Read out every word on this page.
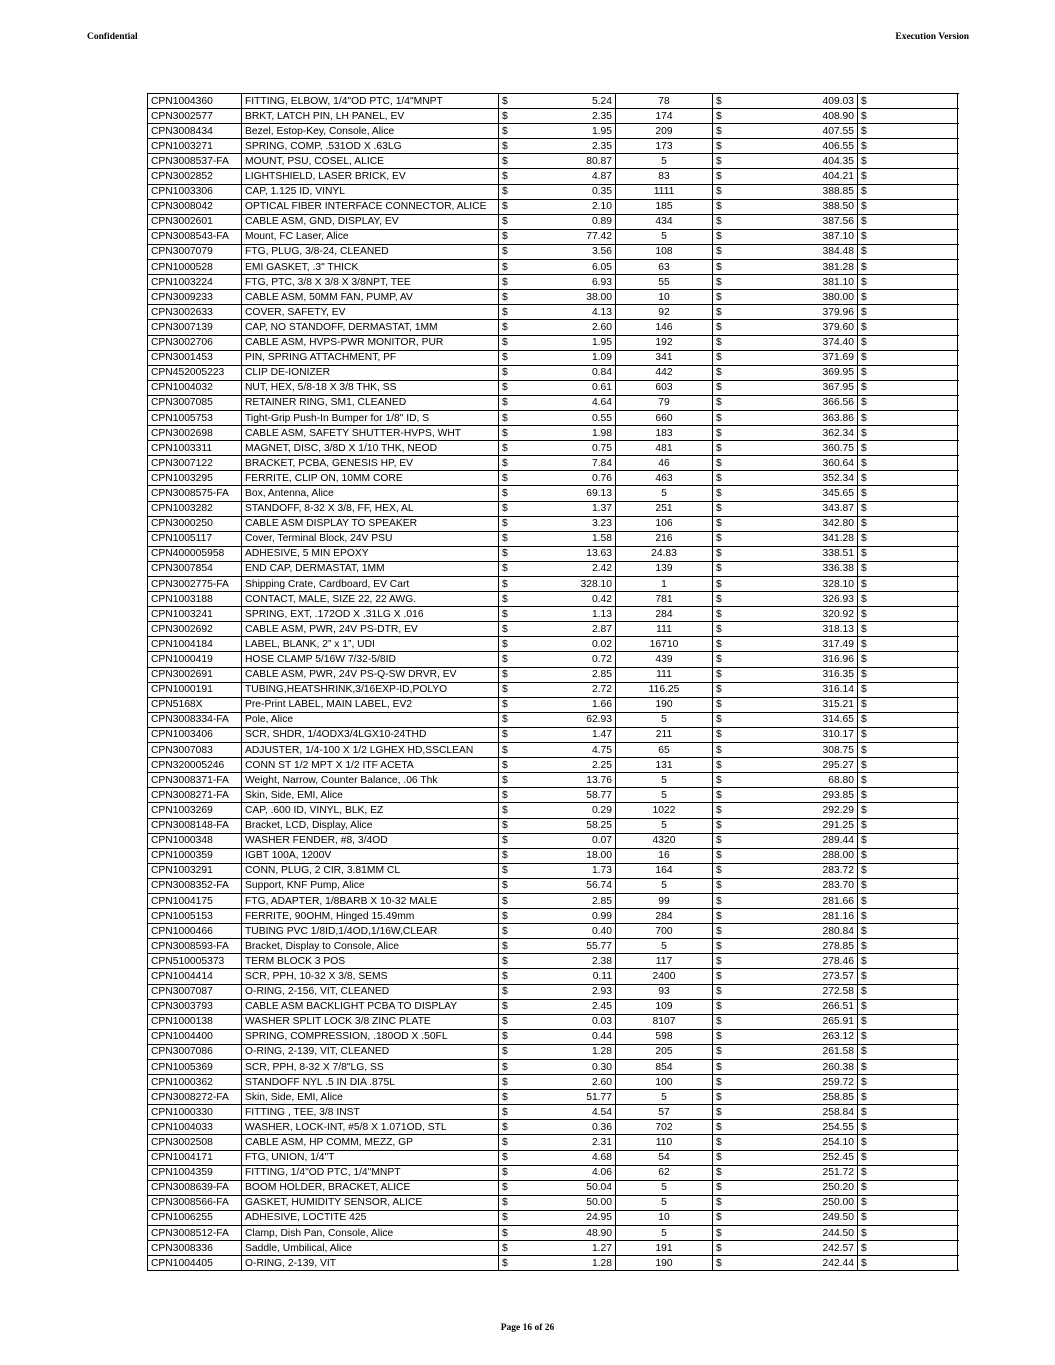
Confidential	Execution Version
CPN1004360	FITTING, ELBOW, 1/4"OD PTC, 1/4"MNPT	$	5.24	78	$	409.03	$	
CPN3002577	BRKT, LATCH PIN, LH PANEL, EV	$	2.35	174	$	408.90	$	
CPN3008434	Bezel, Estop-Key, Console, Alice	$	1.95	209	$	407.55	$	
CPN1003271	SPRING, COMP, .531OD X .63LG	$	2.35	173	$	406.55	$	
CPN3008537-FA	MOUNT, PSU, COSEL, ALICE	$	80.87	5	$	404.35	$	
CPN3002852	LIGHTSHIELD, LASER BRICK, EV	$	4.87	83	$	404.21	$	
CPN1003306	CAP, 1.125 ID, VINYL	$	0.35	1111	$	388.85	$	
CPN3008042	OPTICAL FIBER INTERFACE CONNECTOR, ALICE	$	2.10	185	$	388.50	$	
CPN3002601	CABLE ASM, GND, DISPLAY, EV	$	0.89	434	$	387.56	$	
CPN3008543-FA	Mount, FC Laser, Alice	$	77.42	5	$	387.10	$	
CPN3007079	FTG, PLUG, 3/8-24, CLEANED	$	3.56	108	$	384.48	$	
CPN1000528	EMI GASKET, .3" THICK	$	6.05	63	$	381.28	$	
CPN1003224	FTG, PTC, 3/8 X 3/8 X 3/8NPT, TEE	$	6.93	55	$	381.10	$	
CPN3009233	CABLE ASM, 50MM FAN, PUMP, AV	$	38.00	10	$	380.00	$	
CPN3002633	COVER, SAFETY, EV	$	4.13	92	$	379.96	$	
CPN3007139	CAP, NO STANDOFF, DERMASTAT, 1MM	$	2.60	146	$	379.60	$	
CPN3002706	CABLE ASM, HVPS-PWR MONITOR, PUR	$	1.95	192	$	374.40	$	
CPN3001453	PIN, SPRING ATTACHMENT, PF	$	1.09	341	$	371.69	$	
CPN452005223	CLIP DE-IONIZER	$	0.84	442	$	369.95	$	
CPN1004032	NUT, HEX, 5/8-18 X 3/8 THK, SS	$	0.61	603	$	367.95	$	
CPN3007085	RETAINER RING, SM1, CLEANED	$	4.64	79	$	366.56	$	
CPN1005753	Tight-Grip Push-In Bumper for 1/8" ID, S	$	0.55	660	$	363.86	$	
CPN3002698	CABLE ASM, SAFETY SHUTTER-HVPS, WHT	$	1.98	183	$	362.34	$	
CPN1003311	MAGNET, DISC, 3/8D X 1/10 THK, NEOD	$	0.75	481	$	360.75	$	
CPN3007122	BRACKET, PCBA, GENESIS HP, EV	$	7.84	46	$	360.64	$	
CPN1003295	FERRITE, CLIP ON, 10MM CORE	$	0.76	463	$	352.34	$	
CPN3008575-FA	Box, Antenna, Alice	$	69.13	5	$	345.65	$	
CPN1003282	STANDOFF, 8-32 X 3/8, FF, HEX, AL	$	1.37	251	$	343.87	$	
CPN3000250	CABLE ASM DISPLAY TO SPEAKER	$	3.23	106	$	342.80	$	
CPN1005117	Cover, Terminal Block, 24V PSU	$	1.58	216	$	341.28	$	
CPN400005958	ADHESIVE, 5 MIN EPOXY	$	13.63	24.83	$	338.51	$	
CPN3007854	END CAP, DERMASTAT, 1MM	$	2.42	139	$	336.38	$	
CPN3002775-FA	Shipping Crate, Cardboard, EV Cart	$	328.10	1	$	328.10	$	
CPN1003188	CONTACT, MALE, SIZE 22, 22 AWG.	$	0.42	781	$	326.93	$	
CPN1003241	SPRING, EXT, .172OD X .31LG X .016	$	1.13	284	$	320.92	$	
CPN3002692	CABLE ASM, PWR, 24V PS-DTR, EV	$	2.87	111	$	318.13	$	
CPN1004184	LABEL, BLANK, 2” x 1”, UDI	$	0.02	16710	$	317.49	$	
CPN1000419	HOSE CLAMP 5/16W 7/32-5/8ID	$	0.72	439	$	316.96	$	
CPN3002691	CABLE ASM, PWR, 24V PS-Q-SW DRVR, EV	$	2.85	111	$	316.35	$	
CPN1000191	TUBING,HEATSHRINK,3/16EXP-ID,POLYO	$	2.72	116.25	$	316.14	$	
CPN5168X	Pre-Print LABEL, MAIN LABEL, EV2	$	1.66	190	$	315.21	$	
CPN3008334-FA	Pole, Alice	$	62.93	5	$	314.65	$	
CPN1003406	SCR, SHDR, 1/4ODX3/4LGX10-24THD	$	1.47	211	$	310.17	$	
CPN3007083	ADJUSTER, 1/4-100 X 1/2 LGHEX HD,SSCLEAN	$	4.75	65	$	308.75	$	
CPN320005246	CONN ST 1/2 MPT X 1/2 ITF ACETA	$	2.25	131	$	295.27	$	
CPN3008371-FA	Weight, Narrow, Counter Balance, .06 Thk	$	13.76	5	$	68.80	$	
CPN3008271-FA	Skin, Side, EMI, Alice	$	58.77	5	$	293.85	$	
CPN1003269	CAP, .600 ID, VINYL, BLK, EZ	$	0.29	1022	$	292.29	$	
CPN3008148-FA	Bracket, LCD, Display, Alice	$	58.25	5	$	291.25	$	
CPN1000348	WASHER FENDER, #8, 3/4OD	$	0.07	4320	$	289.44	$	
CPN1000359	IGBT 100A, 1200V	$	18.00	16	$	288.00	$	
CPN1003291	CONN, PLUG, 2 CIR, 3.81MM CL	$	1.73	164	$	283.72	$	
CPN3008352-FA	Support, KNF Pump, Alice	$	56.74	5	$	283.70	$	
CPN1004175	FTG, ADAPTER, 1/8BARB X 10-32 MALE	$	2.85	99	$	281.66	$	
CPN1005153	FERRITE, 90OHM, Hinged 15.49mm	$	0.99	284	$	281.16	$	
CPN1000466	TUBING PVC 1/8ID,1/4OD,1/16W,CLEAR	$	0.40	700	$	280.84	$	
CPN3008593-FA	Bracket, Display to Console, Alice	$	55.77	5	$	278.85	$	
CPN510005373	TERM BLOCK 3 POS	$	2.38	117	$	278.46	$	
CPN1004414	SCR, PPH, 10-32 X 3/8, SEMS	$	0.11	2400	$	273.57	$	
CPN3007087	O-RING, 2-156, VIT, CLEANED	$	2.93	93	$	272.58	$	
CPN3003793	CABLE ASM BACKLIGHT PCBA TO DISPLAY	$	2.45	109	$	266.51	$	
CPN1000138	WASHER SPLIT LOCK 3/8 ZINC PLATE	$	0.03	8107	$	265.91	$	
CPN1004400	SPRING, COMPRESSION, .180OD X .50FL	$	0.44	598	$	263.12	$	
CPN3007086	O-RING, 2-139, VIT, CLEANED	$	1.28	205	$	261.58	$	
CPN1005369	SCR, PPH, 8-32 X 7/8"LG, SS	$	0.30	854	$	260.38	$	
CPN1000362	STANDOFF NYL .5 IN DIA .875L	$	2.60	100	$	259.72	$	
CPN3008272-FA	Skin, Side, EMI, Alice	$	51.77	5	$	258.85	$	
CPN1000330	FITTING , TEE, 3/8 INST	$	4.54	57	$	258.84	$	
CPN1004033	WASHER, LOCK-INT, #5/8 X 1.071OD, STL	$	0.36	702	$	254.55	$	
CPN3002508	CABLE ASM, HP COMM, MEZZ, GP	$	2.31	110	$	254.10	$	
CPN1004171	FTG, UNION, 1/4"T	$	4.68	54	$	252.45	$	
CPN1004359	FITTING, 1/4"OD PTC, 1/4"MNPT	$	4.06	62	$	251.72	$	
CPN3008639-FA	BOOM HOLDER, BRACKET, ALICE	$	50.04	5	$	250.20	$	
CPN3008566-FA	GASKET, HUMIDITY SENSOR, ALICE	$	50.00	5	$	250.00	$	
CPN1006255	ADHESIVE, LOCTITE 425	$	24.95	10	$	249.50	$	
CPN3008512-FA	Clamp, Dish Pan, Console, Alice	$	48.90	5	$	244.50	$	
CPN3008336	Saddle, Umbilical, Alice	$	1.27	191	$	242.57	$	
CPN1004405	O-RING, 2-139, VIT	$	1.28	190	$	242.44	$	
Page 16 of 26
